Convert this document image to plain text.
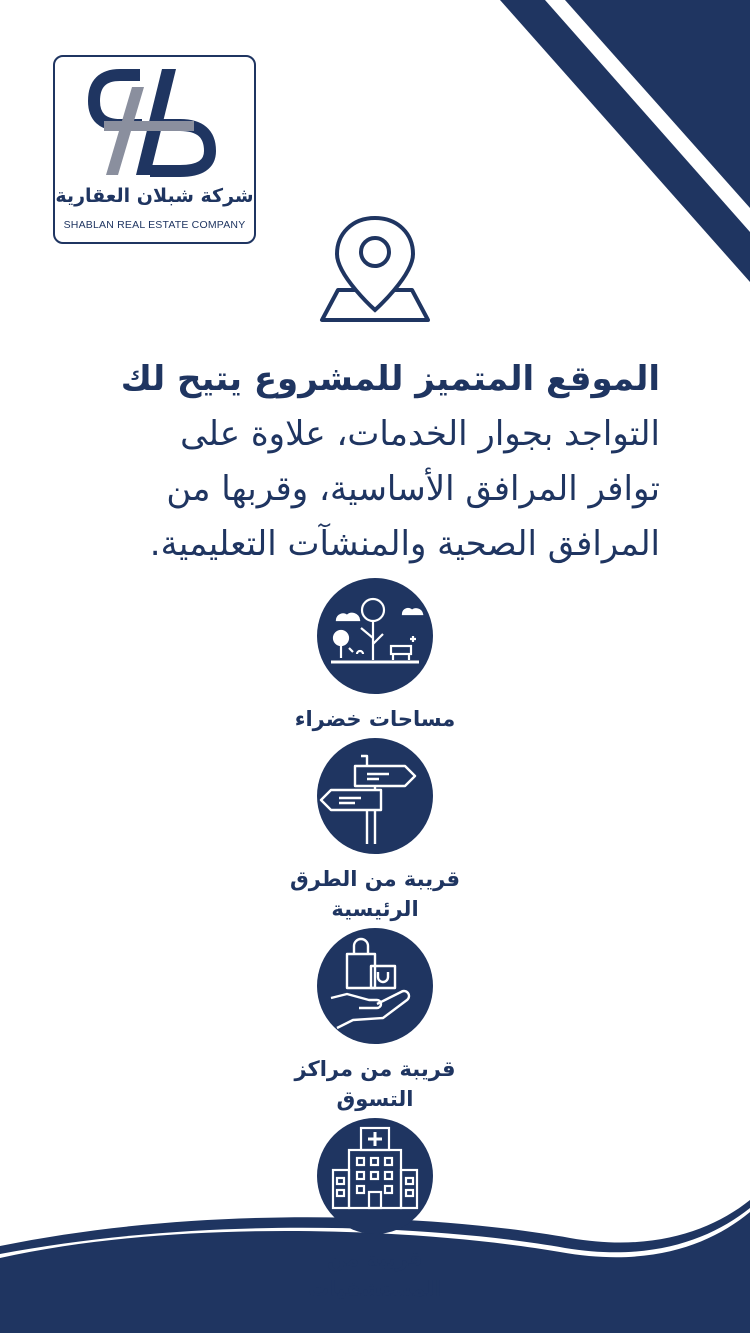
شركة شبلان العقارية
SHABLAN REAL ESTATE COMPANY

الموقع المتميز للمشروع يتيح لك
التواجد بجوار الخدمات، علاوة على
توافر المرافق الأساسية، وقربها من
المرافق الصحية والمنشآت التعليمية.

مساحات خضراء
قريبة من الطرق الرئيسية
قريبة من مراكز التسوق
قريبة من المستشفيات
